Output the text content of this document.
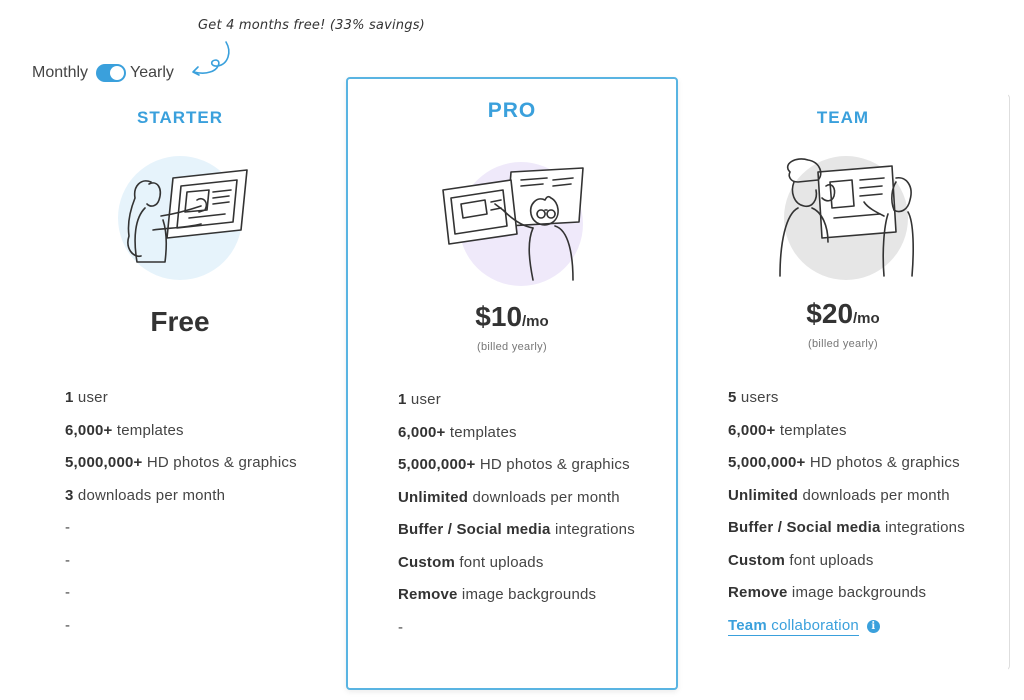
Get 4 months free! (33% savings)
Monthly	Yearly
STARTER
Free
1 user
6,000+ templates
5,000,000+ HD photos & graphics
3 downloads per month
-
-
-
-
PRO
$10/mo
(billed yearly)
1 user
6,000+ templates
5,000,000+ HD photos & graphics
Unlimited downloads per month
Buffer / Social media integrations
Custom font uploads
Remove image backgrounds
-
TEAM
$20/mo
(billed yearly)
5 users
6,000+ templates
5,000,000+ HD photos & graphics
Unlimited downloads per month
Buffer / Social media integrations
Custom font uploads
Remove image backgrounds
Team collaboration i
